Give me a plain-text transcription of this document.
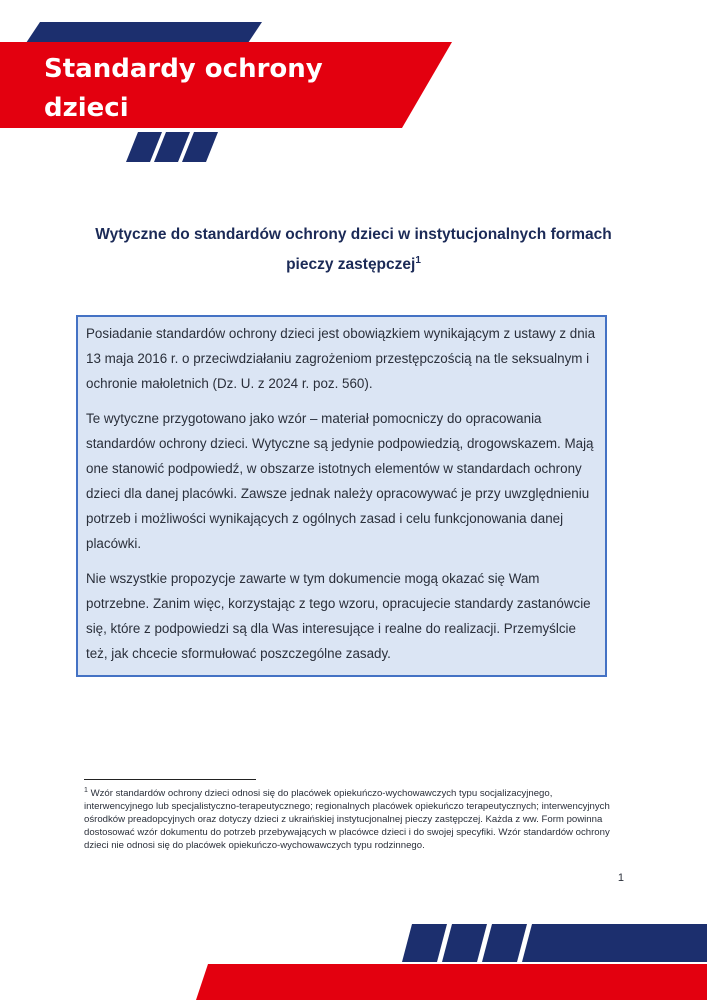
Standardy ochrony dzieci
Wytyczne do standardów ochrony dzieci w instytucjonalnych formach pieczy zastępczej$^1$

Posiadanie standardów ochrony dzieci jest obowiązkiem wynikającym z ustawy z dnia 13 maja 2016 r. o przeciwdziałaniu zagrożeniom przestępczością na tle seksualnym i ochronie małoletnich (Dz. U. z 2024 r. poz. 560).

Te wytyczne przygotowano jako wzór – materiał pomocniczy do opracowania standardów ochrony dzieci. Wytyczne są jedynie podpowiedzią, drogowskazem. Mają one stanowić podpowiedź, w obszarze istotnych elementów w standardach ochrony dzieci dla danej placówki. Zawsze jednak należy opracowywać je przy uwzględnieniu potrzeb i możliwości wynikających z ogólnych zasad i celu funkcjonowania danej placówki.

Nie wszystkie propozycje zawarte w tym dokumencie mogą okazać się Wam potrzebne. Zanim więc, korzystając z tego wzoru, opracujecie standardy zastanówcie się, które z podpowiedzi są dla Was interesujące i realne do realizacji. Przemyślcie też, jak chcecie sformułować poszczególne zasady.

$^1$ Wzór standardów ochrony dzieci odnosi się do placówek opiekuńczo-wychowawczych typu socjalizacyjnego, interwencyjnego lub specjalistyczno-terapeutycznego; regionalnych placówek opiekuńczo terapeutycznych; interwencyjnych ośrodków preadopcyjnych oraz dotyczy dzieci z ukraińskiej instytucjonalnej pieczy zastępczej. Każda z ww. Form powinna dostosować wzór dokumentu do potrzeb przebywających w placówce dzieci i do swojej specyfiki. Wzór standardów ochrony dzieci nie odnosi się do placówek opiekuńczo-wychowawczych typu rodzinnego.
1
